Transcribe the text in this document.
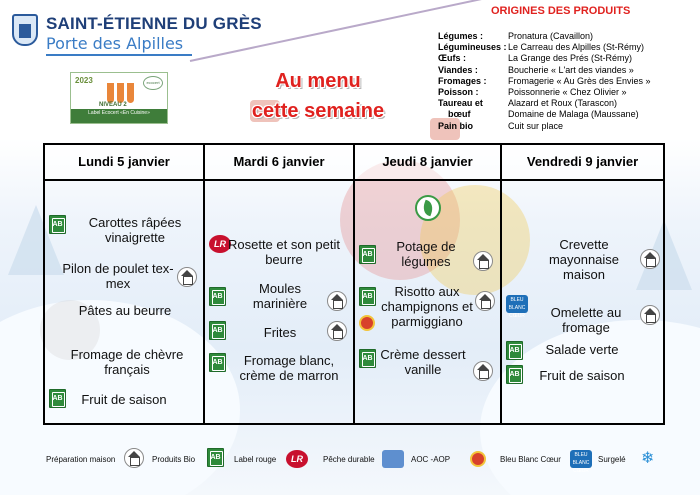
SAINT-ÉTIENNE DU GRÈS
Porte des Alpilles
2023	ecocert
NIVEAU 2
Label Ecocert «En Cuisine»
Au menu
cette semaine
ORIGINES DES PRODUITS
Légumes :	Pronatura (Cavaillon)
Légumineuses : Le Carreau des Alpilles (St-Rémy)
Œufs :	La Grange des Prés (St-Rémy)
Viandes :	Boucherie « L'art des viandes »
Fromages :	Fromagerie « Au Grès des Envies »
Poisson :	Poissonnerie « Chez Olivier »
Taureau et	Alazard et Roux (Tarascon)
bœuf	Domaine de Malaga (Maussane)
Pain bio	Cuit sur place
Lundi 5 janvier
AB	Carottes râpées vinaigrette
Pilon de poulet tex-mex
Pâtes au beurre
Fromage de chèvre français
AB	Fruit de saison
Mardi 6 janvier
LR Rosette et son petit beurre
AB
Moules marinière
AB	Frites
AB	Fromage blanc, crème de marron
Jeudi 8 janvier
AB
Potage de légumes
AB	Risotto aux champignons et parmiggiano
AB Crème dessert vanille
Vendredi 9 janvier
Crevette mayonnaise maison
BLEU BLANC CŒUR	Omelette au fromage
AB	Salade verte
AB	Fruit de saison
Préparation maison	Produits Bio	AB	Label rouge	LR	Pêche durable	AOC -AOP	Bleu Blanc Cœur	BLEU BLANC CŒUR
Surgelé ❄
